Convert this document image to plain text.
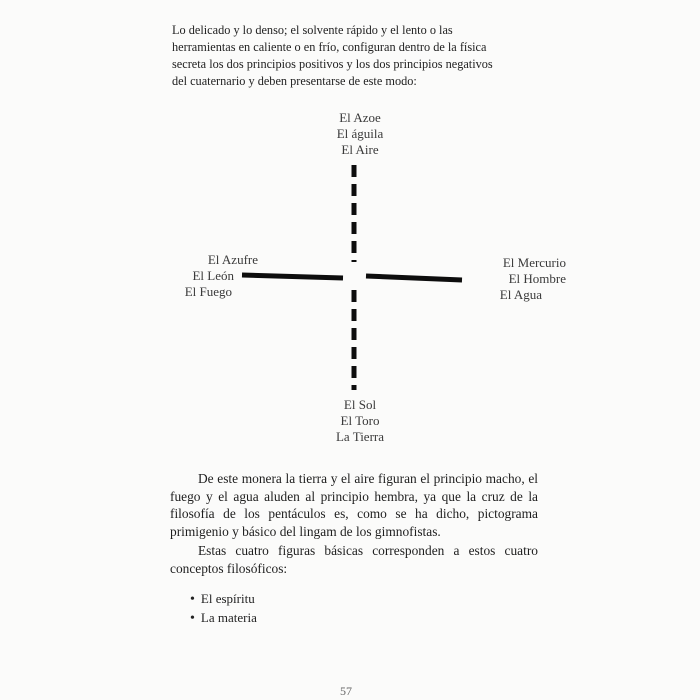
Lo delicado y lo denso; el solvente rápido y el lento o las
herramientas en caliente o en frío, configuran dentro de la física
secreta los dos principios positivos y los dos principios negativos
del cuaternario y deben presentarse de este modo:
El Azoe
El águila
El Aire
El Azufre
El León
El Fuego
El Mercurio
El Hombre
El Agua
El Sol
El Toro
La Tierra

De este monera la tierra y el aire figuran el principio macho, el fuego y el agua aluden al principio hembra, ya que la cruz de la filosofía de los pentáculos es, como se ha dicho, pictograma primigenio y básico del lingam de los gimnofistas.

Estas cuatro figuras básicas corresponden a estos cuatro conceptos filosóficos:

• El espíritu
• La materia
57
